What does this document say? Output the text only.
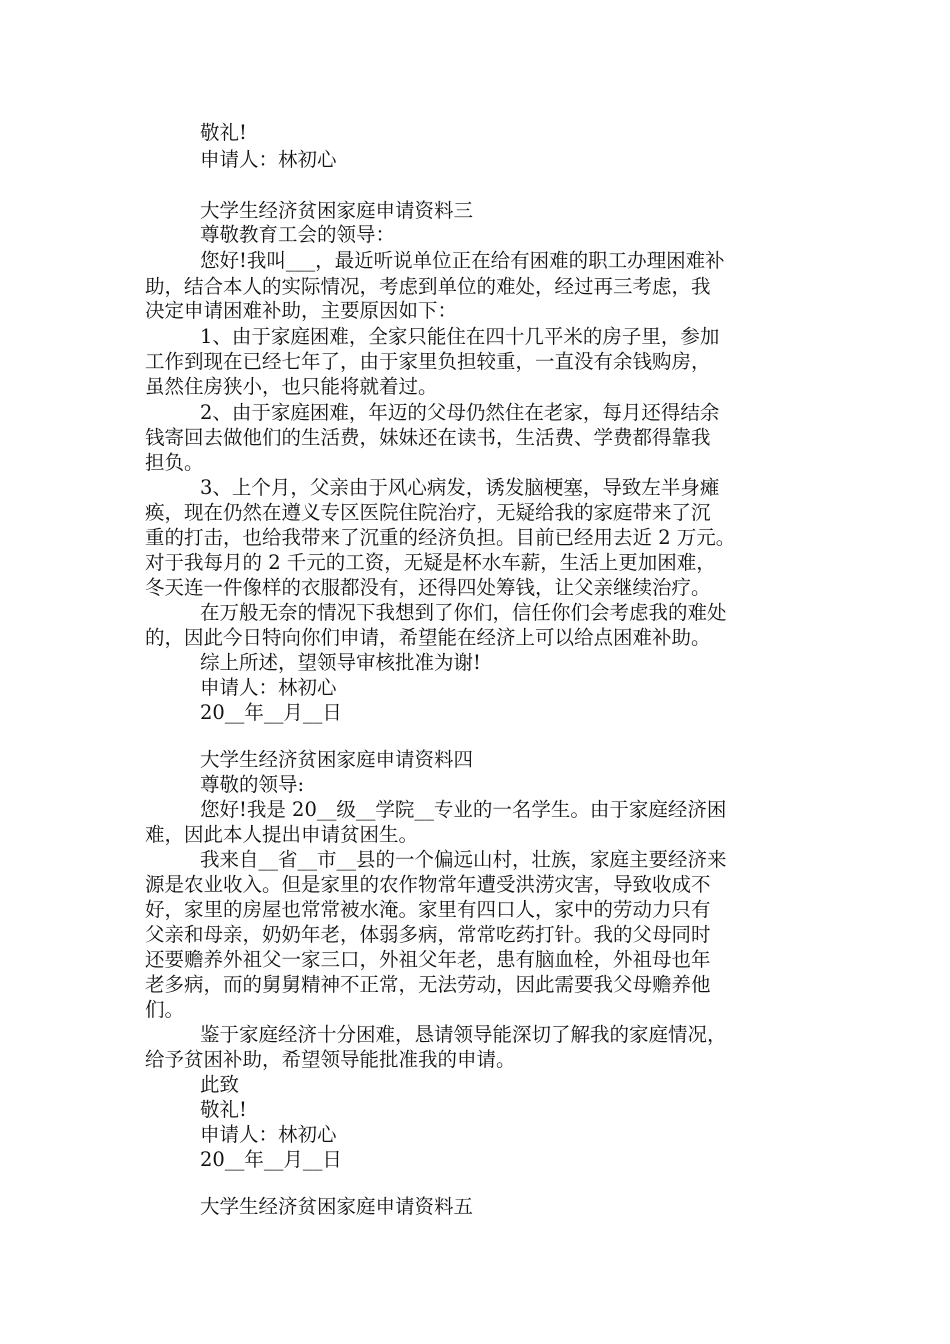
敬礼!
申请人：林初心
大学生经济贫困家庭申请资料三
尊敬教育工会的领导：
您好!我叫___，最近听说单位正在给有困难的职工办理困难补
助，结合本人的实际情况，考虑到单位的难处，经过再三考虑，我
决定申请困难补助，主要原因如下：
1、由于家庭困难，全家只能住在四十几平米的房子里，参加
工作到现在已经七年了，由于家里负担较重，一直没有余钱购房，
虽然住房狭小，也只能将就着过。
2、由于家庭困难，年迈的父母仍然住在老家，每月还得结余
钱寄回去做他们的生活费，妹妹还在读书，生活费、学费都得靠我
担负。
3、上个月，父亲由于风心病发，诱发脑梗塞，导致左半身瘫
痪，现在仍然在遵义专区医院住院治疗，无疑给我的家庭带来了沉
重的打击，也给我带来了沉重的经济负担。目前已经用去近 2 万元。
对于我每月的 2 千元的工资，无疑是杯水车薪，生活上更加困难，
冬天连一件像样的衣服都没有，还得四处筹钱，让父亲继续治疗。
在万般无奈的情况下我想到了你们，信任你们会考虑我的难处
的，因此今日特向你们申请，希望能在经济上可以给点困难补助。
综上所述，望领导审核批准为谢!
申请人：林初心
20__年__月__日
大学生经济贫困家庭申请资料四
尊敬的领导:
您好!我是 20__级__学院__专业的一名学生。由于家庭经济困
难，因此本人提出申请贫困生。
我来自__省__市__县的一个偏远山村，壮族，家庭主要经济来
源是农业收入。但是家里的农作物常年遭受洪涝灾害，导致收成不
好，家里的房屋也常常被水淹。家里有四口人，家中的劳动力只有
父亲和母亲，奶奶年老，体弱多病，常常吃药打针。我的父母同时
还要赡养外祖父一家三口，外祖父年老，患有脑血栓，外祖母也年
老多病，而的舅舅精神不正常，无法劳动，因此需要我父母赡养他
们。
鉴于家庭经济十分困难，恳请领导能深切了解我的家庭情况，
给予贫困补助，希望领导能批准我的申请。
此致
敬礼!
申请人：林初心
20__年__月__日
大学生经济贫困家庭申请资料五
